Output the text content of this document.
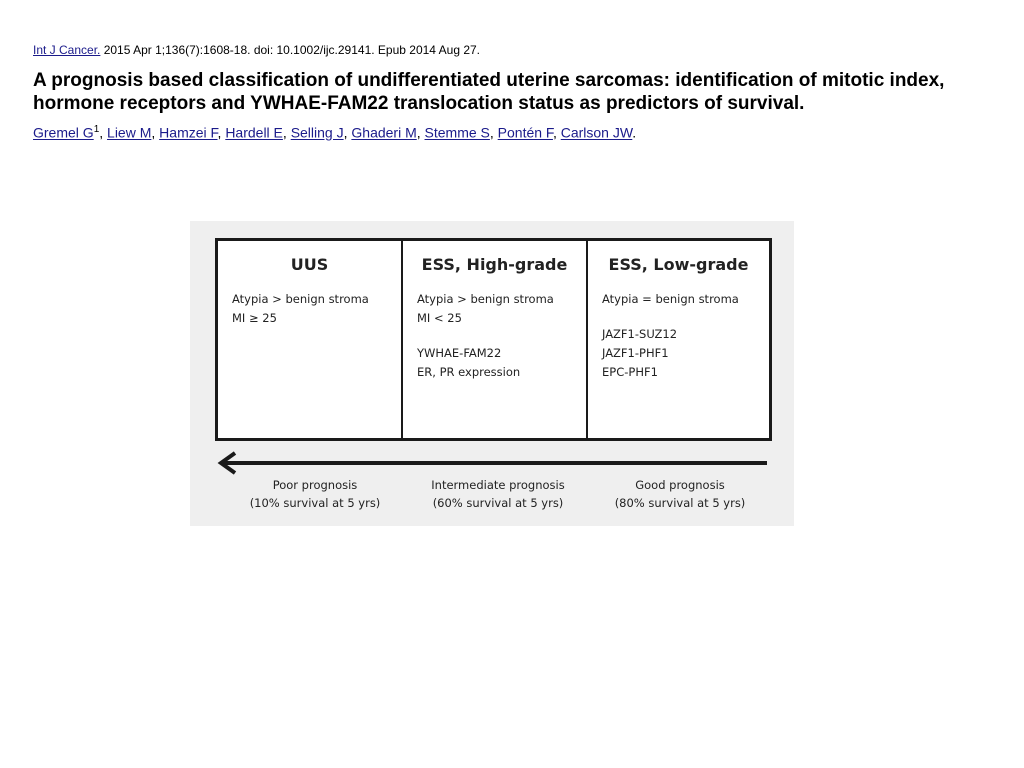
Int J Cancer. 2015 Apr 1;136(7):1608-18. doi: 10.1002/ijc.29141. Epub 2014 Aug 27.
A prognosis based classification of undifferentiated uterine sarcomas: identification of mitotic index, hormone receptors and YWHAE-FAM22 translocation status as predictors of survival.
Gremel $G^1$, Liew M, Hamzei F, Hardell E, Selling J, Ghaderi M, Stemme S, Pontén F, Carlson JW.
UUS
Atypia > benign stroma
MI ≥ 25
ESS, High-grade
Atypia > benign stroma
MI < 25
YWHAE-FAM22
ER, PR expression
ESS, Low-grade
Atypia = benign stroma
JAZF1-SUZ12
JAZF1-PHF1
EPC-PHF1
Poor prognosis
(10% survival at 5 yrs)
Intermediate prognosis
(60% survival at 5 yrs)
Good prognosis
(80% survival at 5 yrs)
